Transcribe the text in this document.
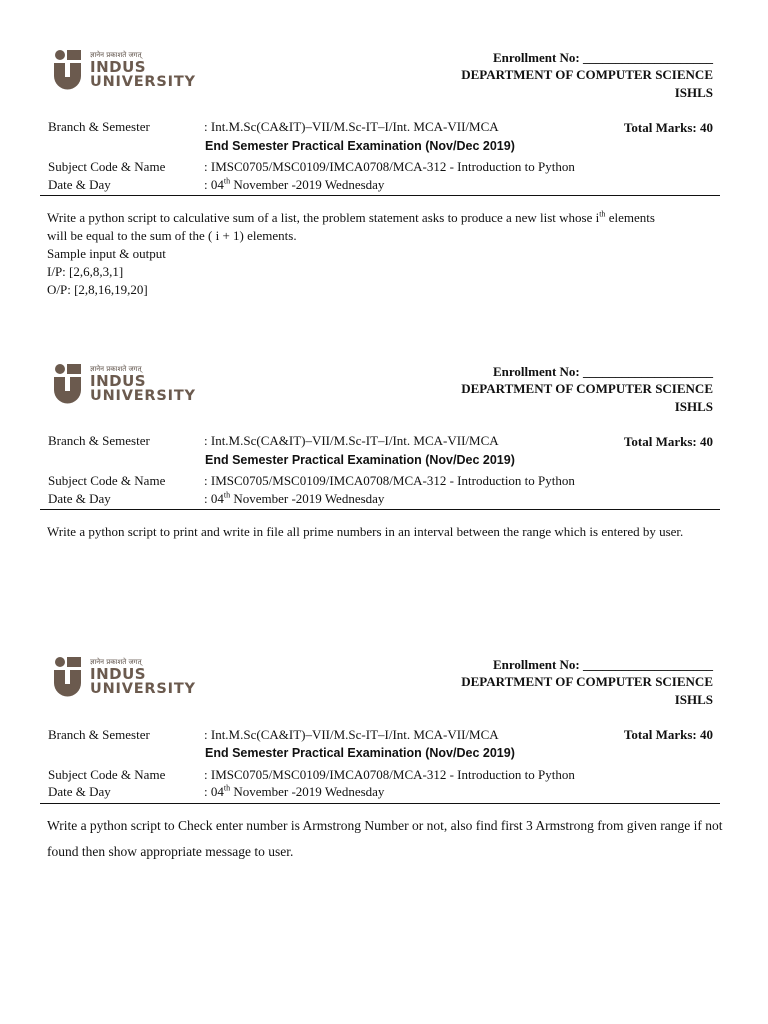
ज्ञानेन प्रकाशते जगत्
INDUS
UNIVERSITY
Enrollment No: ____________________
DEPARTMENT OF COMPUTER SCIENCE
ISHLS
Branch & Semester	: Int.M.Sc(CA&IT)–VII/M.Sc-IT–I/Int. MCA-VII/MCA	Total Marks: 40
End Semester Practical Examination (Nov/Dec 2019)
Subject Code & Name	: IMSC0705/MSC0109/IMCA0708/MCA-312 - Introduction to Python
Date & Day	: 04th November -2019 Wednesday
Write a python script to calculative sum of a list, the problem statement asks to produce a new list whose $i^{th}$ elements
will be equal to the sum of the ( i + 1) elements.
Sample input & output
I/P: [2,6,8,3,1]
O/P: [2,8,16,19,20]
ज्ञानेन प्रकाशते जगत्
INDUS
UNIVERSITY
Enrollment No: ____________________
DEPARTMENT OF COMPUTER SCIENCE
ISHLS
Branch & Semester	: Int.M.Sc(CA&IT)–VII/M.Sc-IT–I/Int. MCA-VII/MCA	Total Marks: 40
End Semester Practical Examination (Nov/Dec 2019)
Subject Code & Name	: IMSC0705/MSC0109/IMCA0708/MCA-312 - Introduction to Python
Date & Day	: 04th November -2019 Wednesday
Write a python script to print and write in file all prime numbers in an interval between the range which is entered by user.
ज्ञानेन प्रकाशते जगत्
INDUS
UNIVERSITY
Enrollment No: ____________________
DEPARTMENT OF COMPUTER SCIENCE
ISHLS
Branch & Semester	: Int.M.Sc(CA&IT)–VII/M.Sc-IT–I/Int. MCA-VII/MCA	Total Marks: 40
End Semester Practical Examination (Nov/Dec 2019)
Subject Code & Name	: IMSC0705/MSC0109/IMCA0708/MCA-312 - Introduction to Python
Date & Day	: 04th November -2019 Wednesday
Write a python script to Check enter number is Armstrong Number or not, also find first 3 Armstrong from given range if not found then show appropriate message to user.
